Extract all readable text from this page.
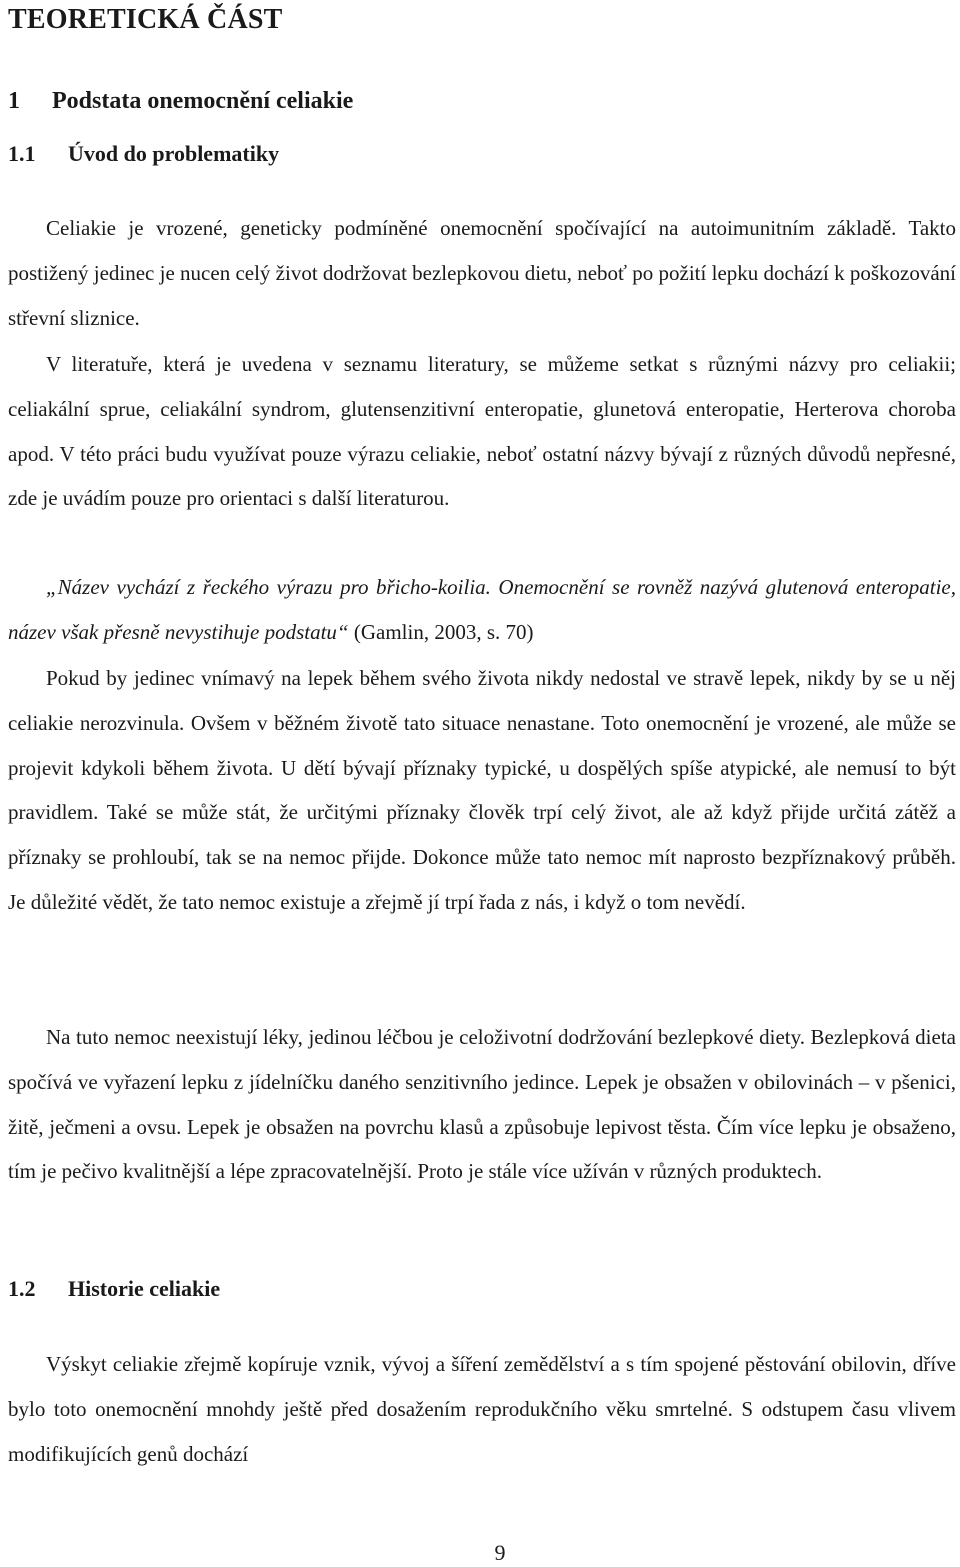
TEORETICKÁ ČÁST
1 Podstata onemocnění celiakie
1.1 Úvod do problematiky

Celiakie je vrozené, geneticky podmíněné onemocnění spočívající na autoimunitním základě. Takto postižený jedinec je nucen celý život dodržovat bezlepkovou dietu, neboť po požití lepku dochází k poškozování střevní sliznice.

V literatuře, která je uvedena v seznamu literatury, se můžeme setkat s různými názvy pro celiakii; celiakální sprue, celiakální syndrom, glutensenzitivní enteropatie, glunetová enteropatie, Herterova choroba apod. V této práci budu využívat pouze výrazu celiakie, neboť ostatní názvy bývají z různých důvodů nepřesné, zde je uvádím pouze pro orientaci s další literaturou.

„Název vychází z řeckého výrazu pro břicho-koilia. Onemocnění se rovněž nazývá glutenová enteropatie, název však přesně nevystihuje podstatu“ (Gamlin, 2003, s. 70)

Pokud by jedinec vnímavý na lepek během svého života nikdy nedostal ve stravě lepek, nikdy by se u něj celiakie nerozvinula. Ovšem v běžném životě tato situace nenastane. Toto onemocnění je vrozené, ale může se projevit kdykoli během života. U dětí bývají příznaky typické, u dospělých spíše atypické, ale nemusí to být pravidlem. Také se může stát, že určitými příznaky člověk trpí celý život, ale až když přijde určitá zátěž a příznaky se prohloubí, tak se na nemoc přijde. Dokonce může tato nemoc mít naprosto bezpříznakový průběh. Je důležité vědět, že tato nemoc existuje a zřejmě jí trpí řada z nás, i když o tom nevědí.

Na tuto nemoc neexistují léky, jedinou léčbou je celoživotní dodržování bezlepkové diety. Bezlepková dieta spočívá ve vyřazení lepku z jídelníčku daného senzitivního jedince. Lepek je obsažen v obilovinách – v pšenici, žitě, ječmeni a ovsu. Lepek je obsažen na povrchu klasů a způsobuje lepivost těsta. Čím více lepku je obsaženo, tím je pečivo kvalitnější a lépe zpracovatelnější. Proto je stále více užíván v různých produktech.

1.2 Historie celiakie

Výskyt celiakie zřejmě kopíruje vznik, vývoj a šíření zemědělství a s tím spojené pěstování obilovin, dříve bylo toto onemocnění mnohdy ještě před dosažením reprodukčního věku smrtelné. S odstupem času vlivem modifikujících genů dochází

9
